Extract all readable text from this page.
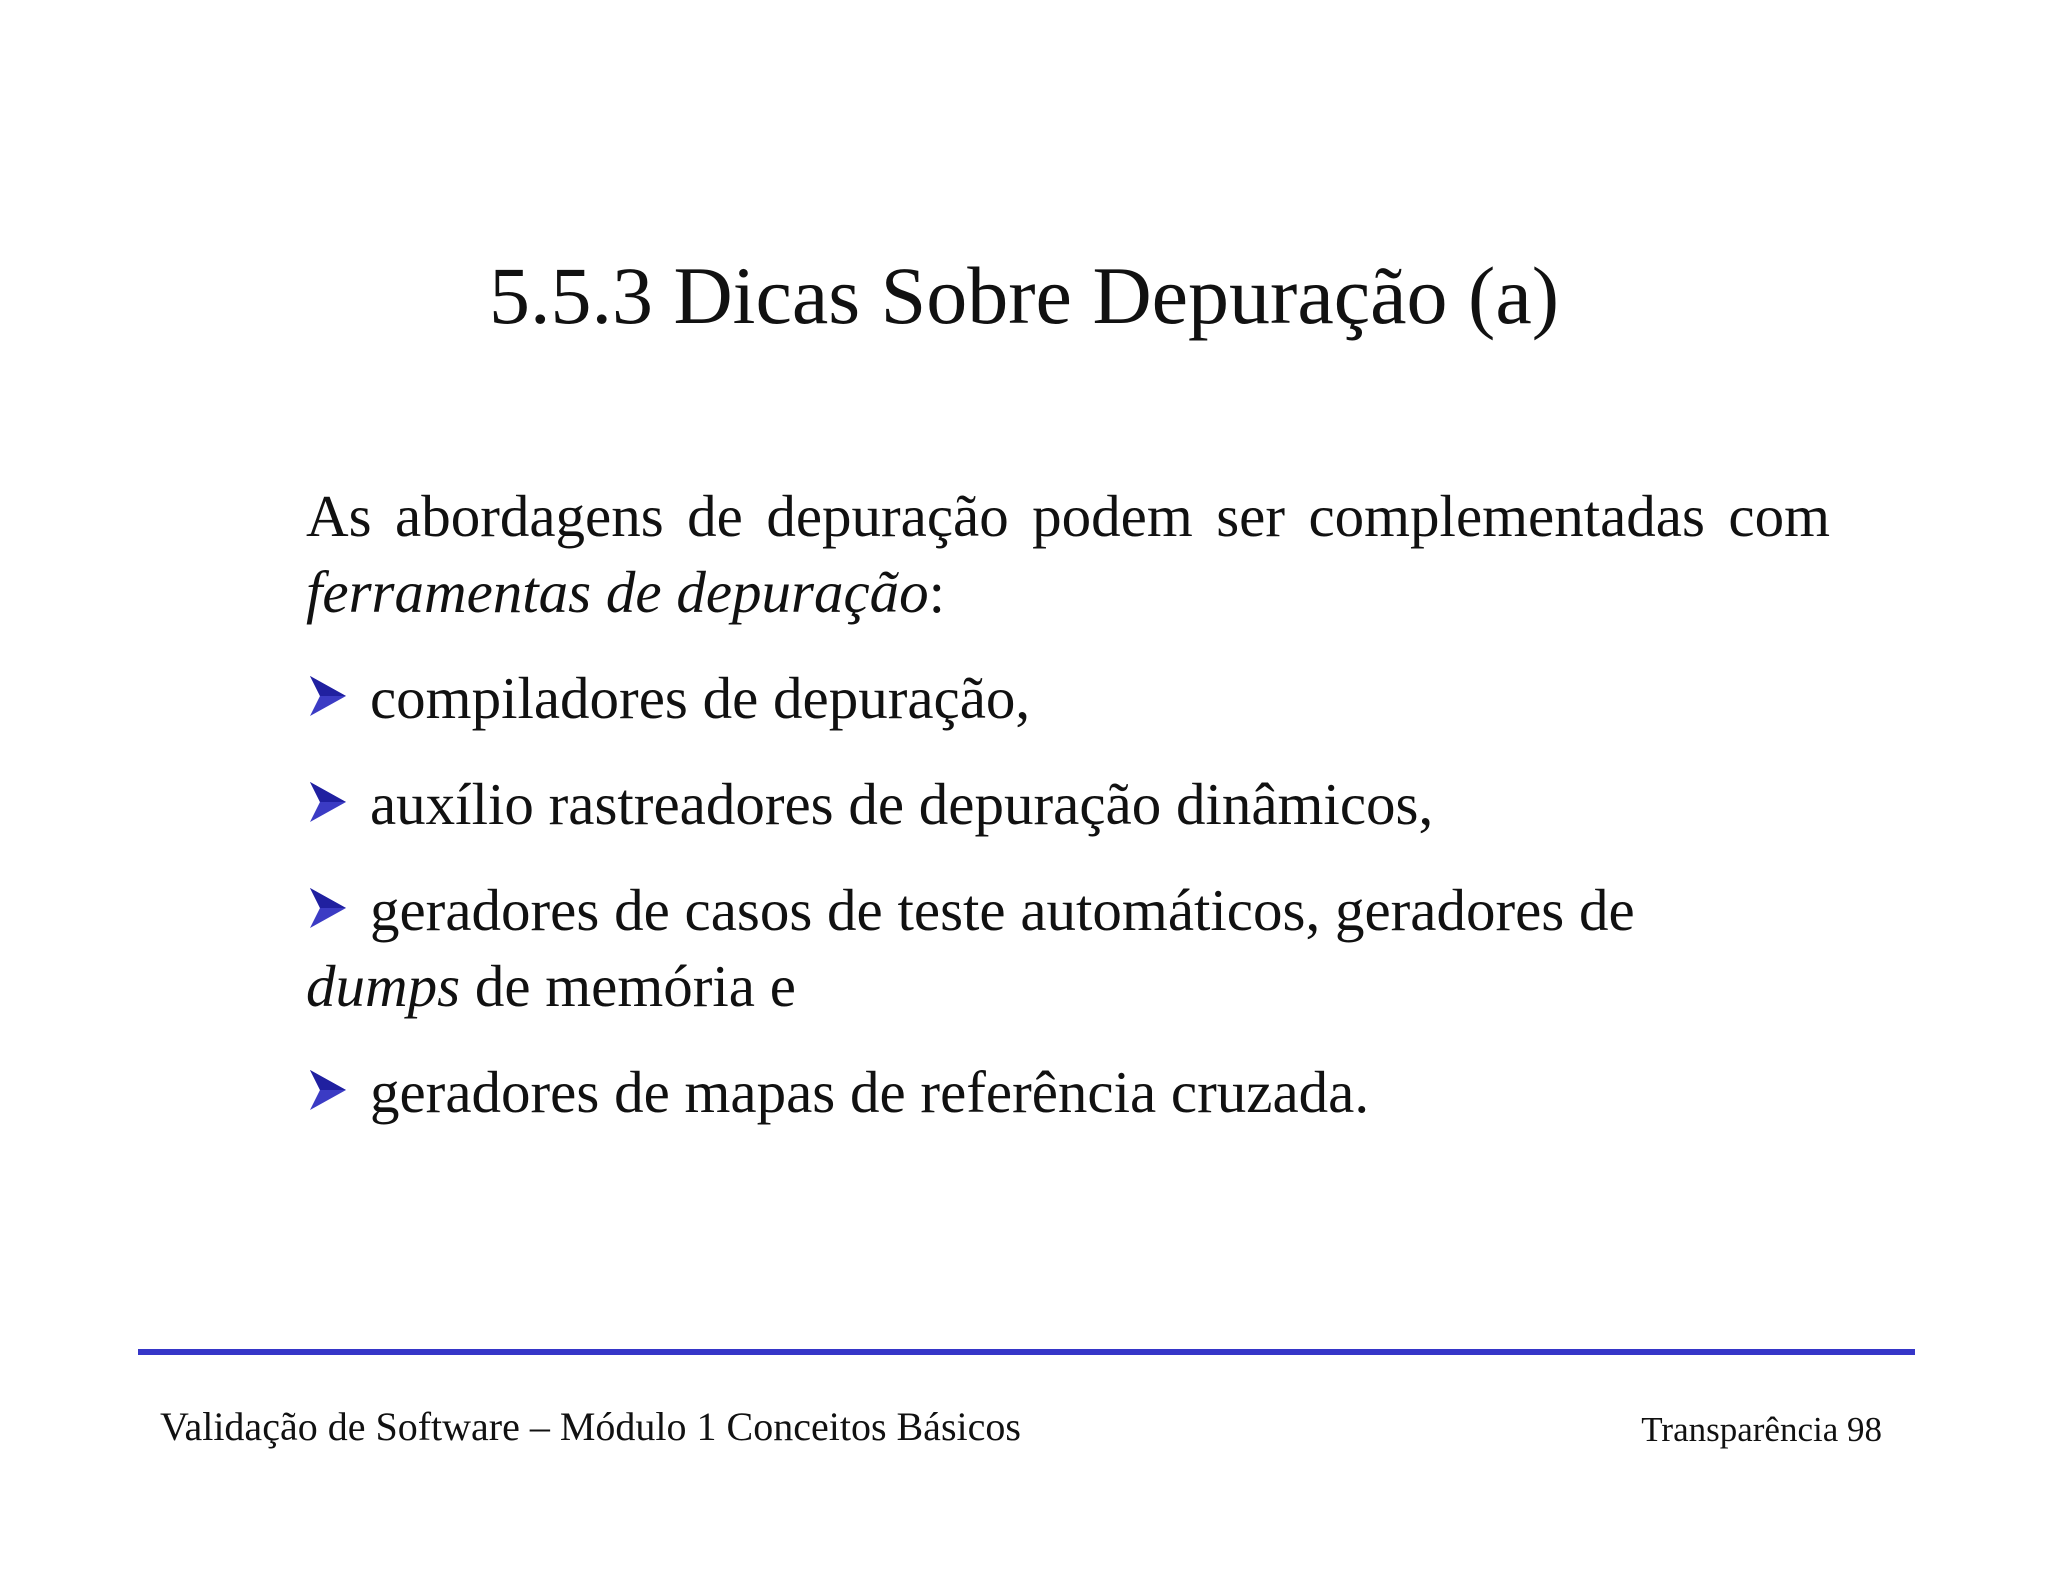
5.5.3 Dicas Sobre Depuração (a)

As abordagens de depuração podem ser complementadas com ferramentas de depuração:

compiladores de depuração,

auxílio rastreadores de depuração dinâmicos,

geradores de casos de teste automáticos, geradores de
dumps de memória e

geradores de mapas de referência cruzada.

Validação de Software – Módulo 1 Conceitos Básicos	Transparência 98
